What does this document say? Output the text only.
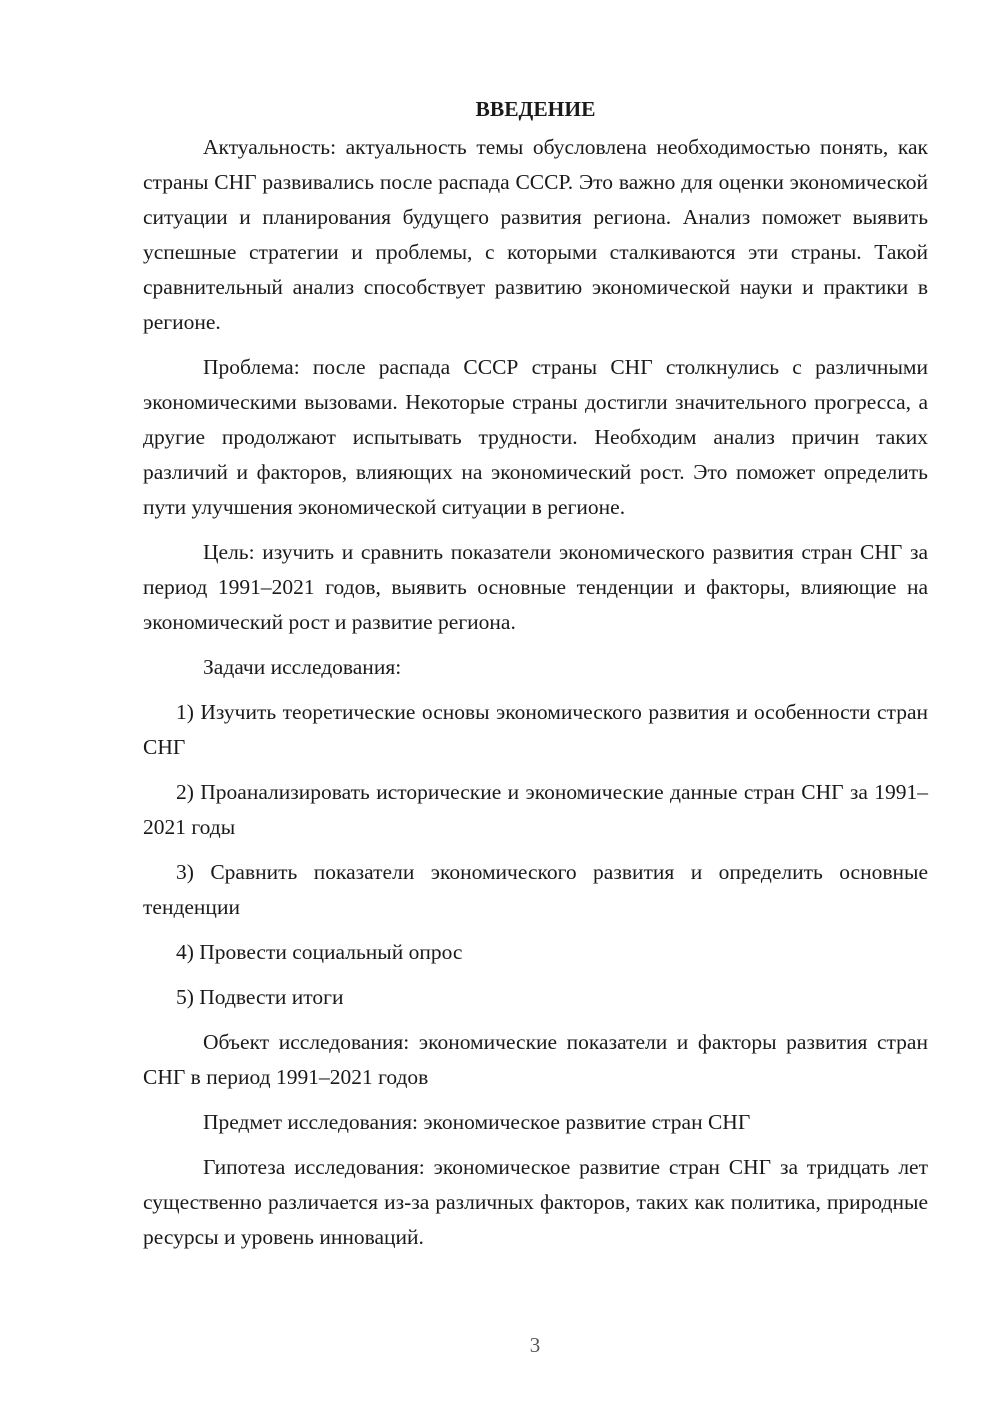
ВВЕДЕНИЕ

Актуальность: актуальность темы обусловлена необходимостью понять, как страны СНГ развивались после распада СССР. Это важно для оценки экономической ситуации и планирования будущего развития региона. Анализ поможет выявить успешные стратегии и проблемы, с которыми сталкиваются эти страны. Такой сравнительный анализ способствует развитию экономической науки и практики в регионе.

Проблема: после распада СССР страны СНГ столкнулись с различными экономическими вызовами. Некоторые страны достигли значительного прогресса, а другие продолжают испытывать трудности. Необходим анализ причин таких различий и факторов, влияющих на экономический рост. Это поможет определить пути улучшения экономической ситуации в регионе.

Цель: изучить и сравнить показатели экономического развития стран СНГ за период 1991–2021 годов, выявить основные тенденции и факторы, влияющие на экономический рост и развитие региона.

Задачи исследования:

1) Изучить теоретические основы экономического развития и особенности стран СНГ

2) Проанализировать исторические и экономические данные стран СНГ за 1991–2021 годы

3) Сравнить показатели экономического развития и определить основные тенденции

4) Провести социальный опрос

5) Подвести итоги

Объект исследования: экономические показатели и факторы развития стран СНГ в период 1991–2021 годов

Предмет исследования: экономическое развитие стран СНГ

Гипотеза исследования: экономическое развитие стран СНГ за тридцать лет существенно различается из-за различных факторов, таких как политика, природные ресурсы и уровень инноваций.

3
